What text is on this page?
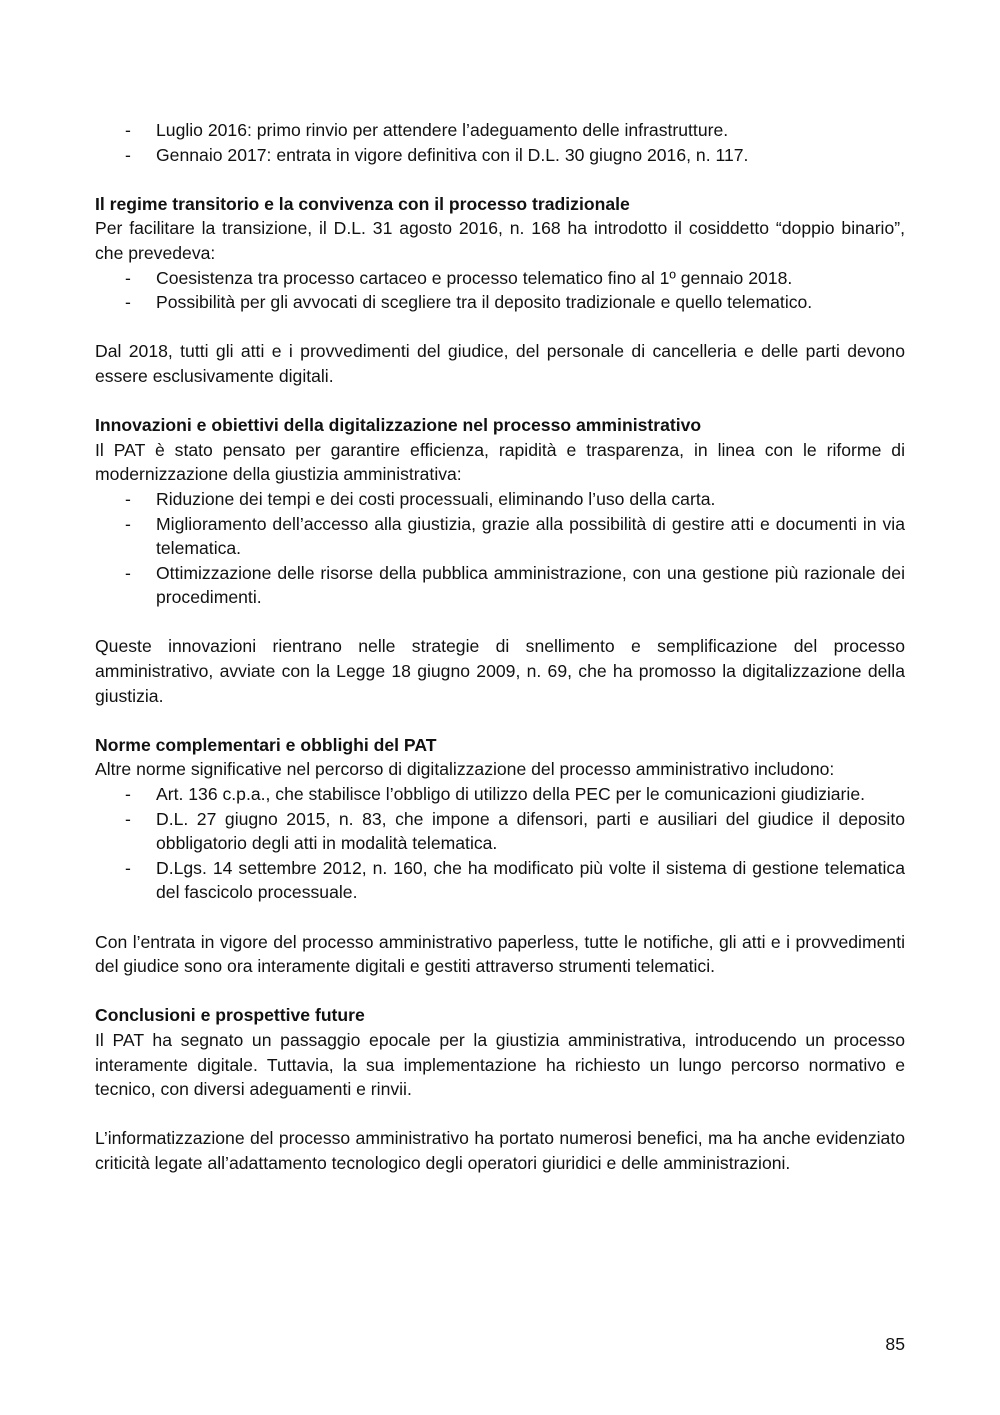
- Luglio 2016: primo rinvio per attendere l’adeguamento delle infrastrutture.
- Gennaio 2017: entrata in vigore definitiva con il D.L. 30 giugno 2016, n. 117.
Il regime transitorio e la convivenza con il processo tradizionale

Per facilitare la transizione, il D.L. 31 agosto 2016, n. 168 ha introdotto il cosiddetto “doppio binario”, che prevedeva:

- Coesistenza tra processo cartaceo e processo telematico fino al 1º gennaio 2018.
- Possibilità per gli avvocati di scegliere tra il deposito tradizionale e quello telematico.

Dal 2018, tutti gli atti e i provvedimenti del giudice, del personale di cancelleria e delle parti devono essere esclusivamente digitali.

Innovazioni e obiettivi della digitalizzazione nel processo amministrativo

Il PAT è stato pensato per garantire efficienza, rapidità e trasparenza, in linea con le riforme di modernizzazione della giustizia amministrativa:

- Riduzione dei tempi e dei costi processuali, eliminando l’uso della carta.
- Miglioramento dell’accesso alla giustizia, grazie alla possibilità di gestire atti e documenti in via telematica.
- Ottimizzazione delle risorse della pubblica amministrazione, con una gestione più razionale dei procedimenti.

Queste innovazioni rientrano nelle strategie di snellimento e semplificazione del processo amministrativo, avviate con la Legge 18 giugno 2009, n. 69, che ha promosso la digitalizzazione della giustizia.

Norme complementari e obblighi del PAT

Altre norme significative nel percorso di digitalizzazione del processo amministrativo includono:

- Art. 136 c.p.a., che stabilisce l’obbligo di utilizzo della PEC per le comunicazioni giudiziarie.
- D.L. 27 giugno 2015, n. 83, che impone a difensori, parti e ausiliari del giudice il deposito obbligatorio degli atti in modalità telematica.
- D.Lgs. 14 settembre 2012, n. 160, che ha modificato più volte il sistema di gestione telematica del fascicolo processuale.

Con l’entrata in vigore del processo amministrativo paperless, tutte le notifiche, gli atti e i provvedimenti del giudice sono ora interamente digitali e gestiti attraverso strumenti telematici.

Conclusioni e prospettive future

Il PAT ha segnato un passaggio epocale per la giustizia amministrativa, introducendo un processo interamente digitale. Tuttavia, la sua implementazione ha richiesto un lungo percorso normativo e tecnico, con diversi adeguamenti e rinvii.

L’informatizzazione del processo amministrativo ha portato numerosi benefici, ma ha anche evidenziato criticità legate all’adattamento tecnologico degli operatori giuridici e delle amministrazioni.

85
